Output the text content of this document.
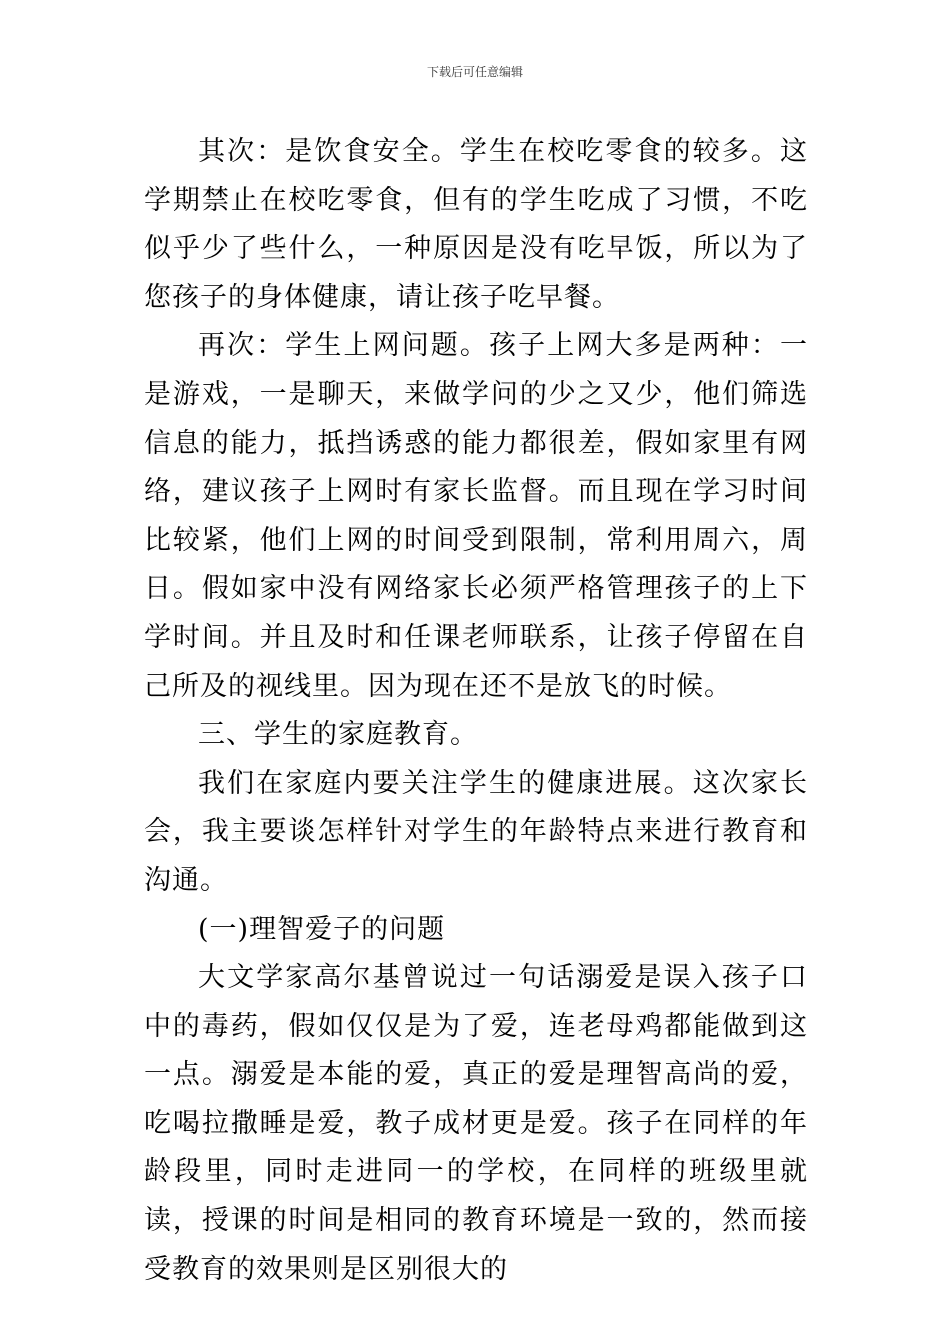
下载后可任意编辑

其次：是饮食安全。学生在校吃零食的较多。这学期禁止在校吃零食，但有的学生吃成了习惯，不吃似乎少了些什么，一种原因是没有吃早饭，所以为了您孩子的身体健康，请让孩子吃早餐。

再次：学生上网问题。孩子上网大多是两种：一是游戏，一是聊天，来做学问的少之又少，他们筛选信息的能力，抵挡诱惑的能力都很差，假如家里有网络，建议孩子上网时有家长监督。而且现在学习时间比较紧，他们上网的时间受到限制，常利用周六，周日。假如家中没有网络家长必须严格管理孩子的上下学时间。并且及时和任课老师联系，让孩子停留在自己所及的视线里。因为现在还不是放飞的时候。

三、学生的家庭教育。

我们在家庭内要关注学生的健康进展。这次家长会，我主要谈怎样针对学生的年龄特点来进行教育和沟通。

(一)理智爱子的问题

大文学家高尔基曾说过一句话溺爱是误入孩子口中的毒药，假如仅仅是为了爱，连老母鸡都能做到这一点。溺爱是本能的爱，真正的爱是理智高尚的爱，吃喝拉撒睡是爱，教子成材更是爱。孩子在同样的年龄段里，同时走进同一的学校，在同样的班级里就读，授课的时间是相同的教育环境是一致的，然而接受教育的效果则是区别很大的
